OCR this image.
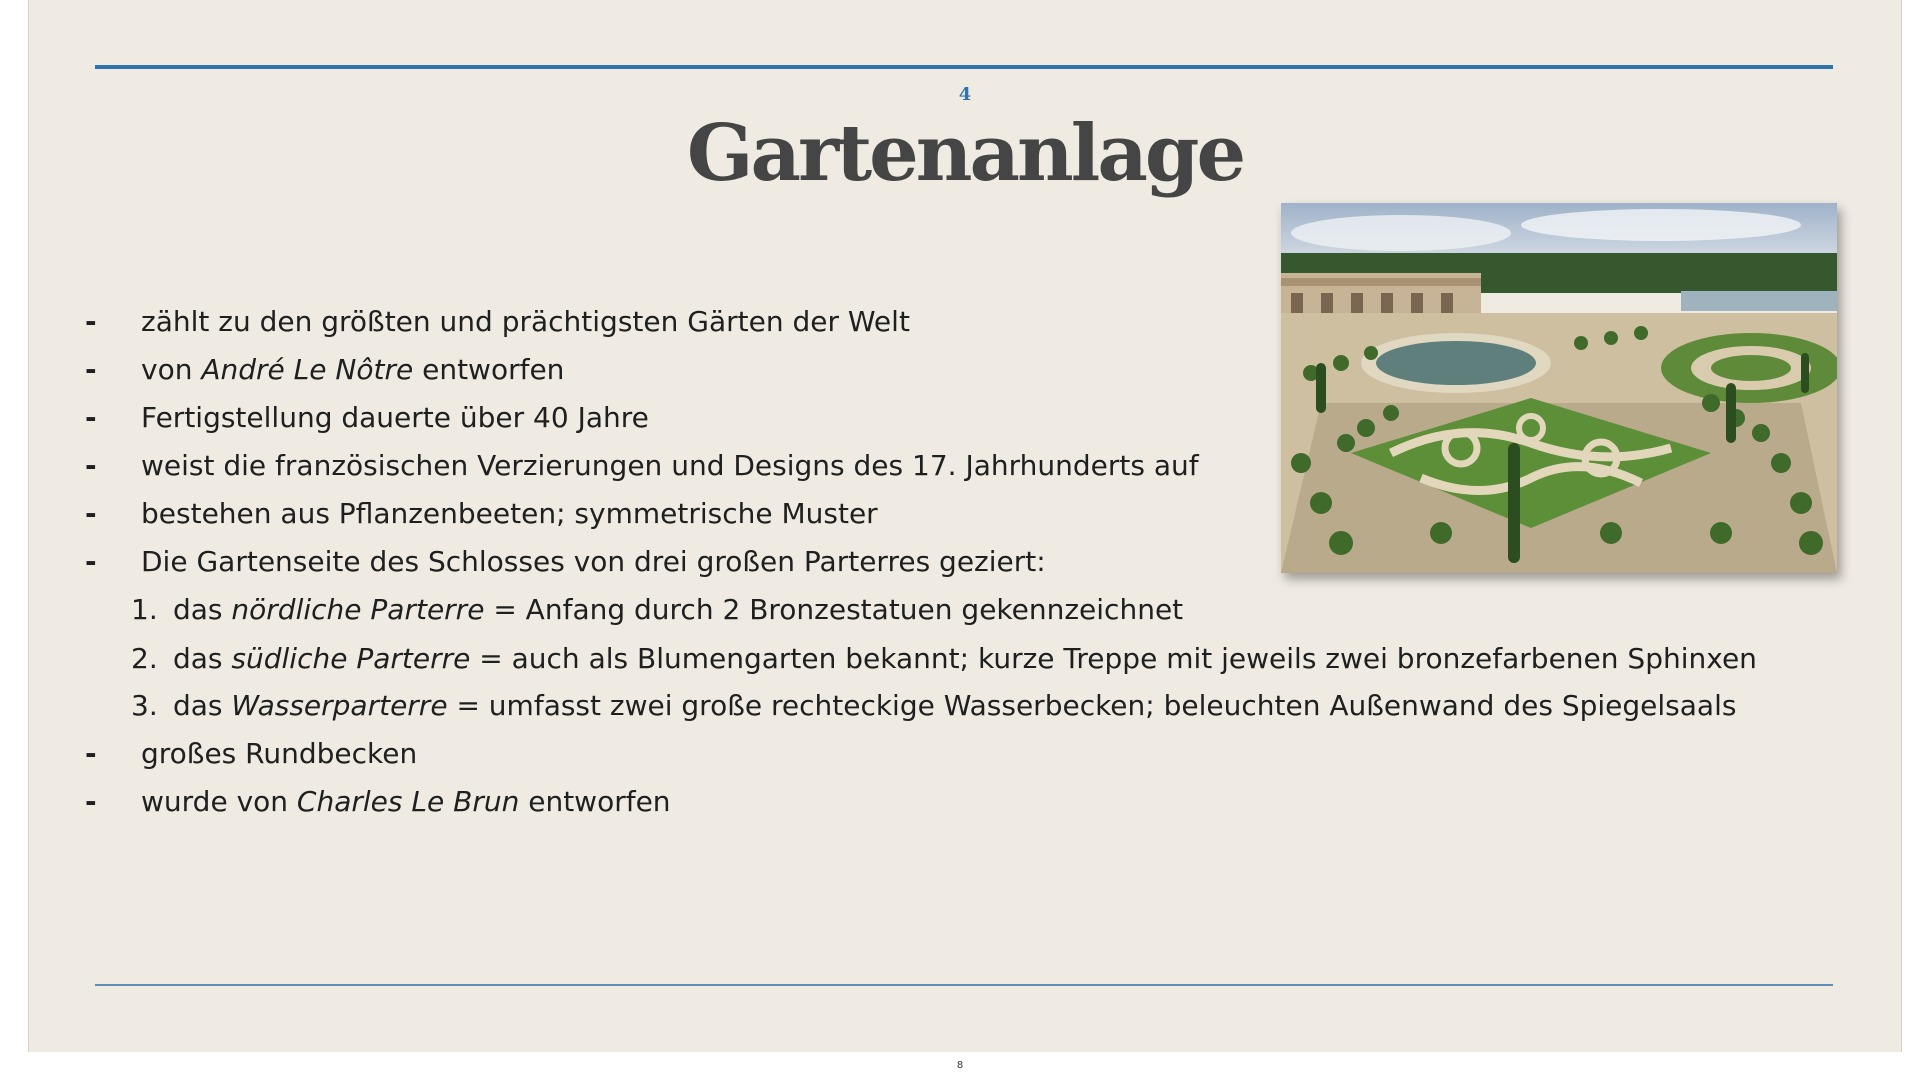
4
Gartenanlage
- zählt zu den größten und prächtigsten Gärten der Welt
- von André Le Nôtre entworfen
- Fertigstellung dauerte über 40 Jahre
- weist die französischen Verzierungen und Designs des 17. Jahrhunderts auf
- bestehen aus Pflanzenbeeten; symmetrische Muster
- Die Gartenseite des Schlosses von drei großen Parterres geziert:
1. das nördliche Parterre = Anfang durch 2 Bronzestatuen gekennzeichnet
2. das südliche Parterre = auch als Blumengarten bekannt; kurze Treppe mit jeweils zwei bronzefarbenen Sphinxen
3. das Wasserparterre = umfasst zwei große rechteckige Wasserbecken; beleuchten Außenwand des Spiegelsaals
- großes Rundbecken
- wurde von Charles Le Brun entworfen
8
